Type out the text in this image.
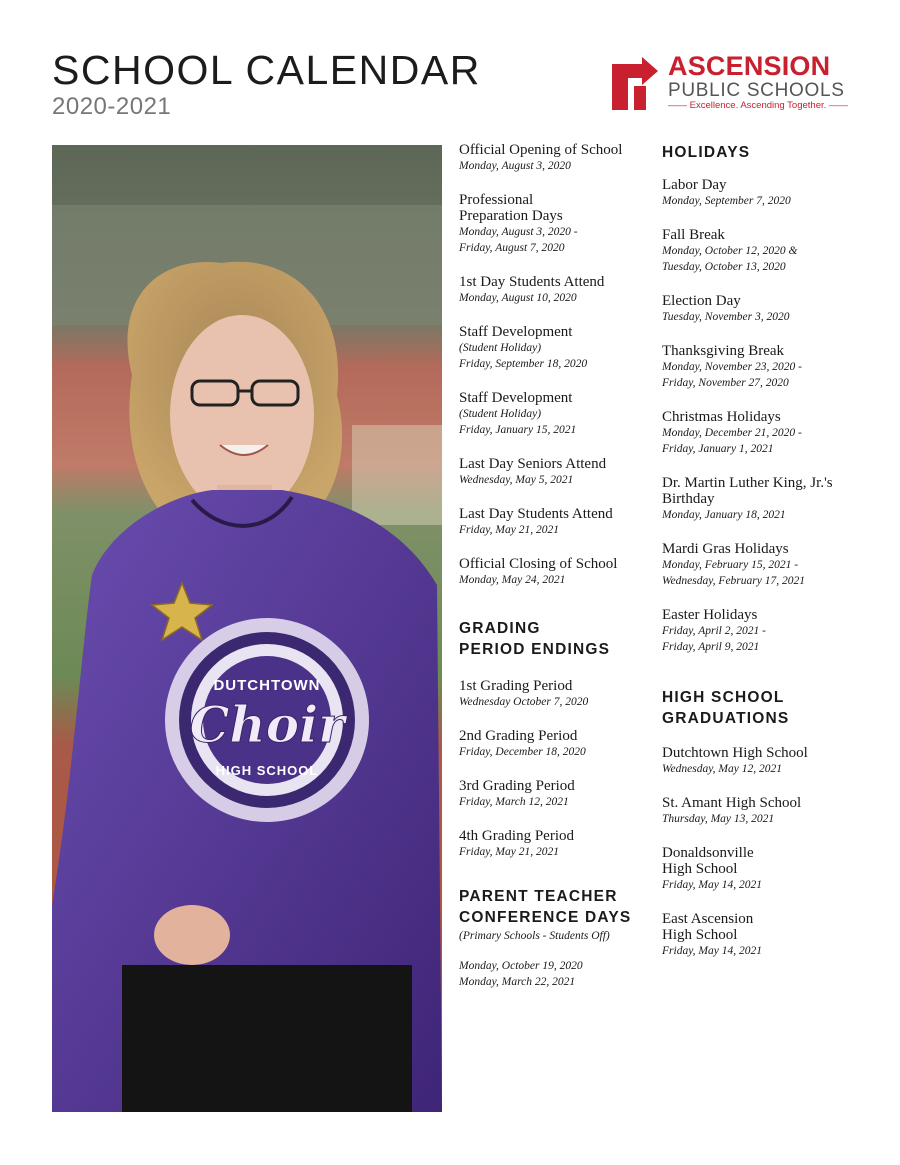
SCHOOL CALENDAR
2020-2021
ASCENSION
PUBLIC SCHOOLS
—— Excellence. Ascending Together. ——
DUTCHTOWN
Choir
HIGH SCHOOL
Official Opening of School
Monday, August 3, 2020
Professional
Preparation Days
Monday, August 3, 2020 -
Friday, August 7, 2020
1st Day Students Attend
Monday, August 10, 2020
Staff Development
(Student Holiday)
Friday, September 18, 2020
Staff Development
(Student Holiday)
Friday, January 15, 2021
Last Day Seniors Attend
Wednesday, May 5, 2021
Last Day Students Attend
Friday, May 21, 2021
Official Closing of School
Monday, May 24, 2021
GRADING
PERIOD ENDINGS
1st Grading Period
Wednesday October 7, 2020
2nd Grading Period
Friday, December 18, 2020
3rd Grading Period
Friday, March 12, 2021
4th Grading Period
Friday, May 21, 2021
PARENT TEACHER
CONFERENCE DAYS
(Primary Schools - Students Off)
Monday, October 19, 2020
Monday, March 22, 2021
HOLIDAYS
Labor Day
Monday, September 7, 2020
Fall Break
Monday, October 12, 2020 &
Tuesday, October 13, 2020
Election Day
Tuesday, November 3, 2020
Thanksgiving Break
Monday, November 23, 2020 -
Friday, November 27, 2020
Christmas Holidays
Monday, December 21, 2020 -
Friday, January 1, 2021
Dr. Martin Luther King, Jr.'s
Birthday
Monday, January 18, 2021
Mardi Gras Holidays
Monday, February 15, 2021 -
Wednesday, February 17, 2021
Easter Holidays
Friday, April 2, 2021 -
Friday, April 9, 2021
HIGH SCHOOL
GRADUATIONS
Dutchtown High School
Wednesday, May 12, 2021
St. Amant High School
Thursday, May 13, 2021
Donaldsonville
High School
Friday, May 14, 2021
East Ascension
High School
Friday, May 14, 2021
